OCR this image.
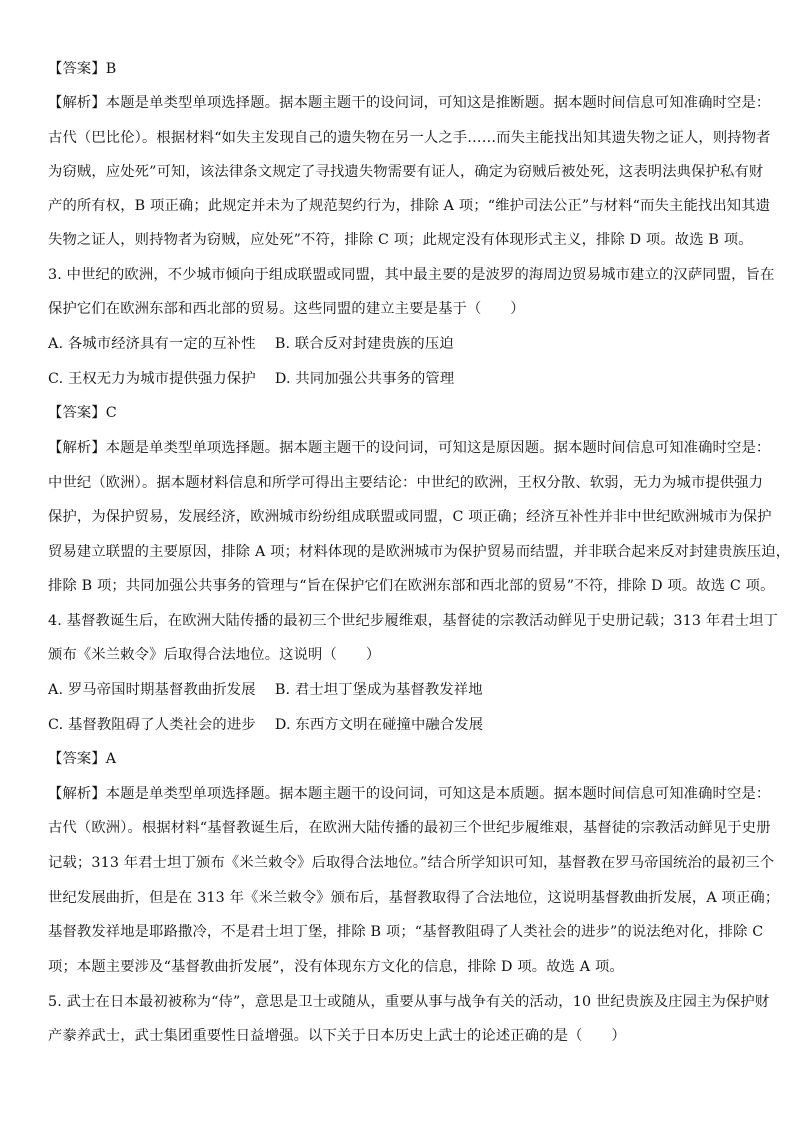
【答案】B
【解析】本题是单类型单项选择题。据本题主题干的设问词，可知这是推断题。据本题时间信息可知准确时空是：
古代（巴比伦）。根据材料“如失主发现自己的遗失物在另一人之手……而失主能找出知其遗失物之证人，则持物者
为窃贼，应处死”可知，该法律条文规定了寻找遗失物需要有证人，确定为窃贼后被处死，这表明法典保护私有财
产的所有权，B 项正确；此规定并未为了规范契约行为，排除 A 项；“维护司法公正”与材料“而失主能找出知其遗
失物之证人，则持物者为窃贼，应处死”不符，排除 C 项；此规定没有体现形式主义，排除 D 项。故选 B 项。
3. 中世纪的欧洲，不少城市倾向于组成联盟或同盟，其中最主要的是波罗的海周边贸易城市建立的汉萨同盟，旨在
保护它们在欧洲东部和西北部的贸易。这些同盟的建立主要是基于（　　）
A. 各城市经济具有一定的互补性　 B. 联合反对封建贵族的压迫
C. 王权无力为城市提供强力保护　 D. 共同加强公共事务的管理
【答案】C
【解析】本题是单类型单项选择题。据本题主题干的设问词，可知这是原因题。据本题时间信息可知准确时空是：
中世纪（欧洲）。据本题材料信息和所学可得出主要结论：中世纪的欧洲，王权分散、软弱，无力为城市提供强力
保护，为保护贸易，发展经济，欧洲城市纷纷组成联盟或同盟，C 项正确；经济互补性并非中世纪欧洲城市为保护
贸易建立联盟的主要原因，排除 A 项；材料体现的是欧洲城市为保护贸易而结盟，并非联合起来反对封建贵族压迫，
排除 B 项；共同加强公共事务的管理与“旨在保护它们在欧洲东部和西北部的贸易”不符，排除 D 项。故选 C 项。
4. 基督教诞生后，在欧洲大陆传播的最初三个世纪步履维艰，基督徒的宗教活动鲜见于史册记载；313 年君士坦丁
颁布《米兰敕令》后取得合法地位。这说明（　　）
A. 罗马帝国时期基督教曲折发展　 B. 君士坦丁堡成为基督教发祥地
C. 基督教阻碍了人类社会的进步　 D. 东西方文明在碰撞中融合发展
【答案】A
【解析】本题是单类型单项选择题。据本题主题干的设问词，可知这是本质题。据本题时间信息可知准确时空是：
古代（欧洲）。根据材料“基督教诞生后，在欧洲大陆传播的最初三个世纪步履维艰，基督徒的宗教活动鲜见于史册
记载；313 年君士坦丁颁布《米兰敕令》后取得合法地位。”结合所学知识可知，基督教在罗马帝国统治的最初三个
世纪发展曲折，但是在 313 年《米兰敕令》颁布后，基督教取得了合法地位，这说明基督教曲折发展，A 项正确；
基督教发祥地是耶路撒冷，不是君士坦丁堡，排除 B 项；“基督教阻碍了人类社会的进步”的说法绝对化，排除 C
项；本题主要涉及“基督教曲折发展”，没有体现东方文化的信息，排除 D 项。故选 A 项。
5. 武士在日本最初被称为“侍”，意思是卫士或随从，重要从事与战争有关的活动，10 世纪贵族及庄园主为保护财
产豢养武士，武士集团重要性日益增强。以下关于日本历史上武士的论述正确的是（　　）
